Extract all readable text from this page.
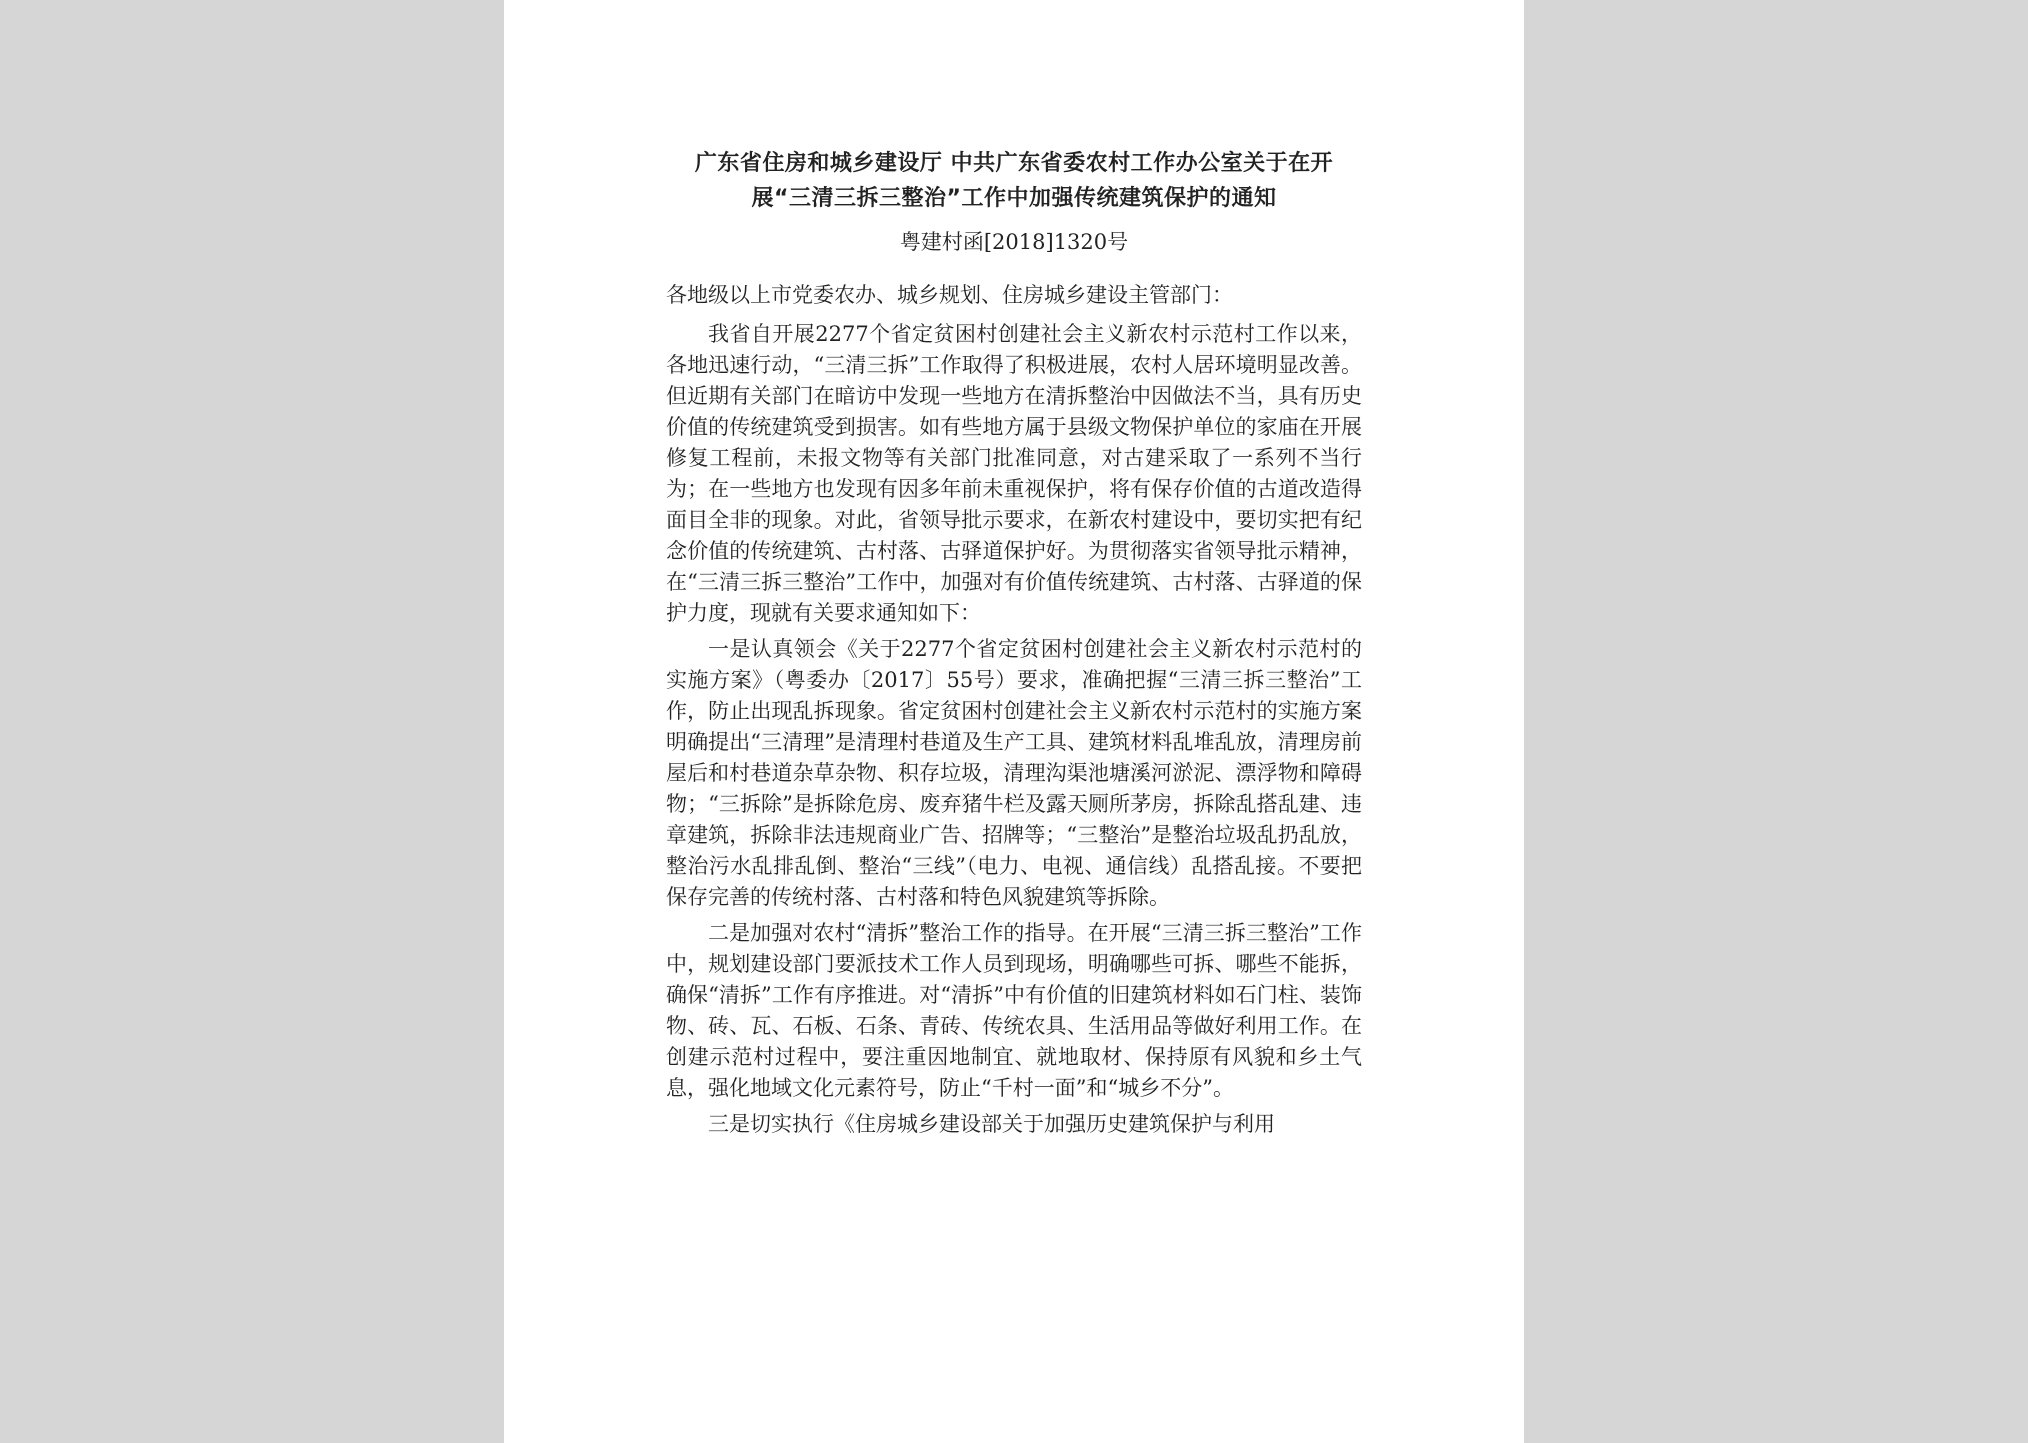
广东省住房和城乡建设厅 中共广东省委农村工作办公室关于在开
展“三清三拆三整治”工作中加强传统建筑保护的通知
粤建村函[2018]1320号
各地级以上市党委农办、城乡规划、住房城乡建设主管部门：

我省自开展2277个省定贫困村创建社会主义新农村示范村工作以来，各地迅速行动，“三清三拆”工作取得了积极进展，农村人居环境明显改善。但近期有关部门在暗访中发现一些地方在清拆整治中因做法不当，具有历史价值的传统建筑受到损害。如有些地方属于县级文物保护单位的家庙在开展修复工程前，未报文物等有关部门批准同意，对古建采取了一系列不当行为；在一些地方也发现有因多年前未重视保护，将有保存价值的古道改造得面目全非的现象。对此，省领导批示要求，在新农村建设中，要切实把有纪念价值的传统建筑、古村落、古驿道保护好。为贯彻落实省领导批示精神，在“三清三拆三整治”工作中，加强对有价值传统建筑、古村落、古驿道的保护力度，现就有关要求通知如下：

一是认真领会《关于2277个省定贫困村创建社会主义新农村示范村的实施方案》（粤委办〔2017〕55号）要求，准确把握“三清三拆三整治”工作，防止出现乱拆现象。省定贫困村创建社会主义新农村示范村的实施方案明确提出“三清理”是清理村巷道及生产工具、建筑材料乱堆乱放，清理房前屋后和村巷道杂草杂物、积存垃圾，清理沟渠池塘溪河淤泥、漂浮物和障碍物；“三拆除”是拆除危房、废弃猪牛栏及露天厕所茅房，拆除乱搭乱建、违章建筑，拆除非法违规商业广告、招牌等；“三整治”是整治垃圾乱扔乱放，整治污水乱排乱倒、整治“三线”（电力、电视、通信线）乱搭乱接。不要把保存完善的传统村落、古村落和特色风貌建筑等拆除。

二是加强对农村“清拆”整治工作的指导。在开展“三清三拆三整治”工作中，规划建设部门要派技术工作人员到现场，明确哪些可拆、哪些不能拆，确保“清拆”工作有序推进。对“清拆”中有价值的旧建筑材料如石门柱、装饰物、砖、瓦、石板、石条、青砖、传统农具、生活用品等做好利用工作。在创建示范村过程中，要注重因地制宜、就地取材、保持原有风貌和乡土气息，强化地域文化元素符号，防止“千村一面”和“城乡不分”。

三是切实执行《住房城乡建设部关于加强历史建筑保护与利用
